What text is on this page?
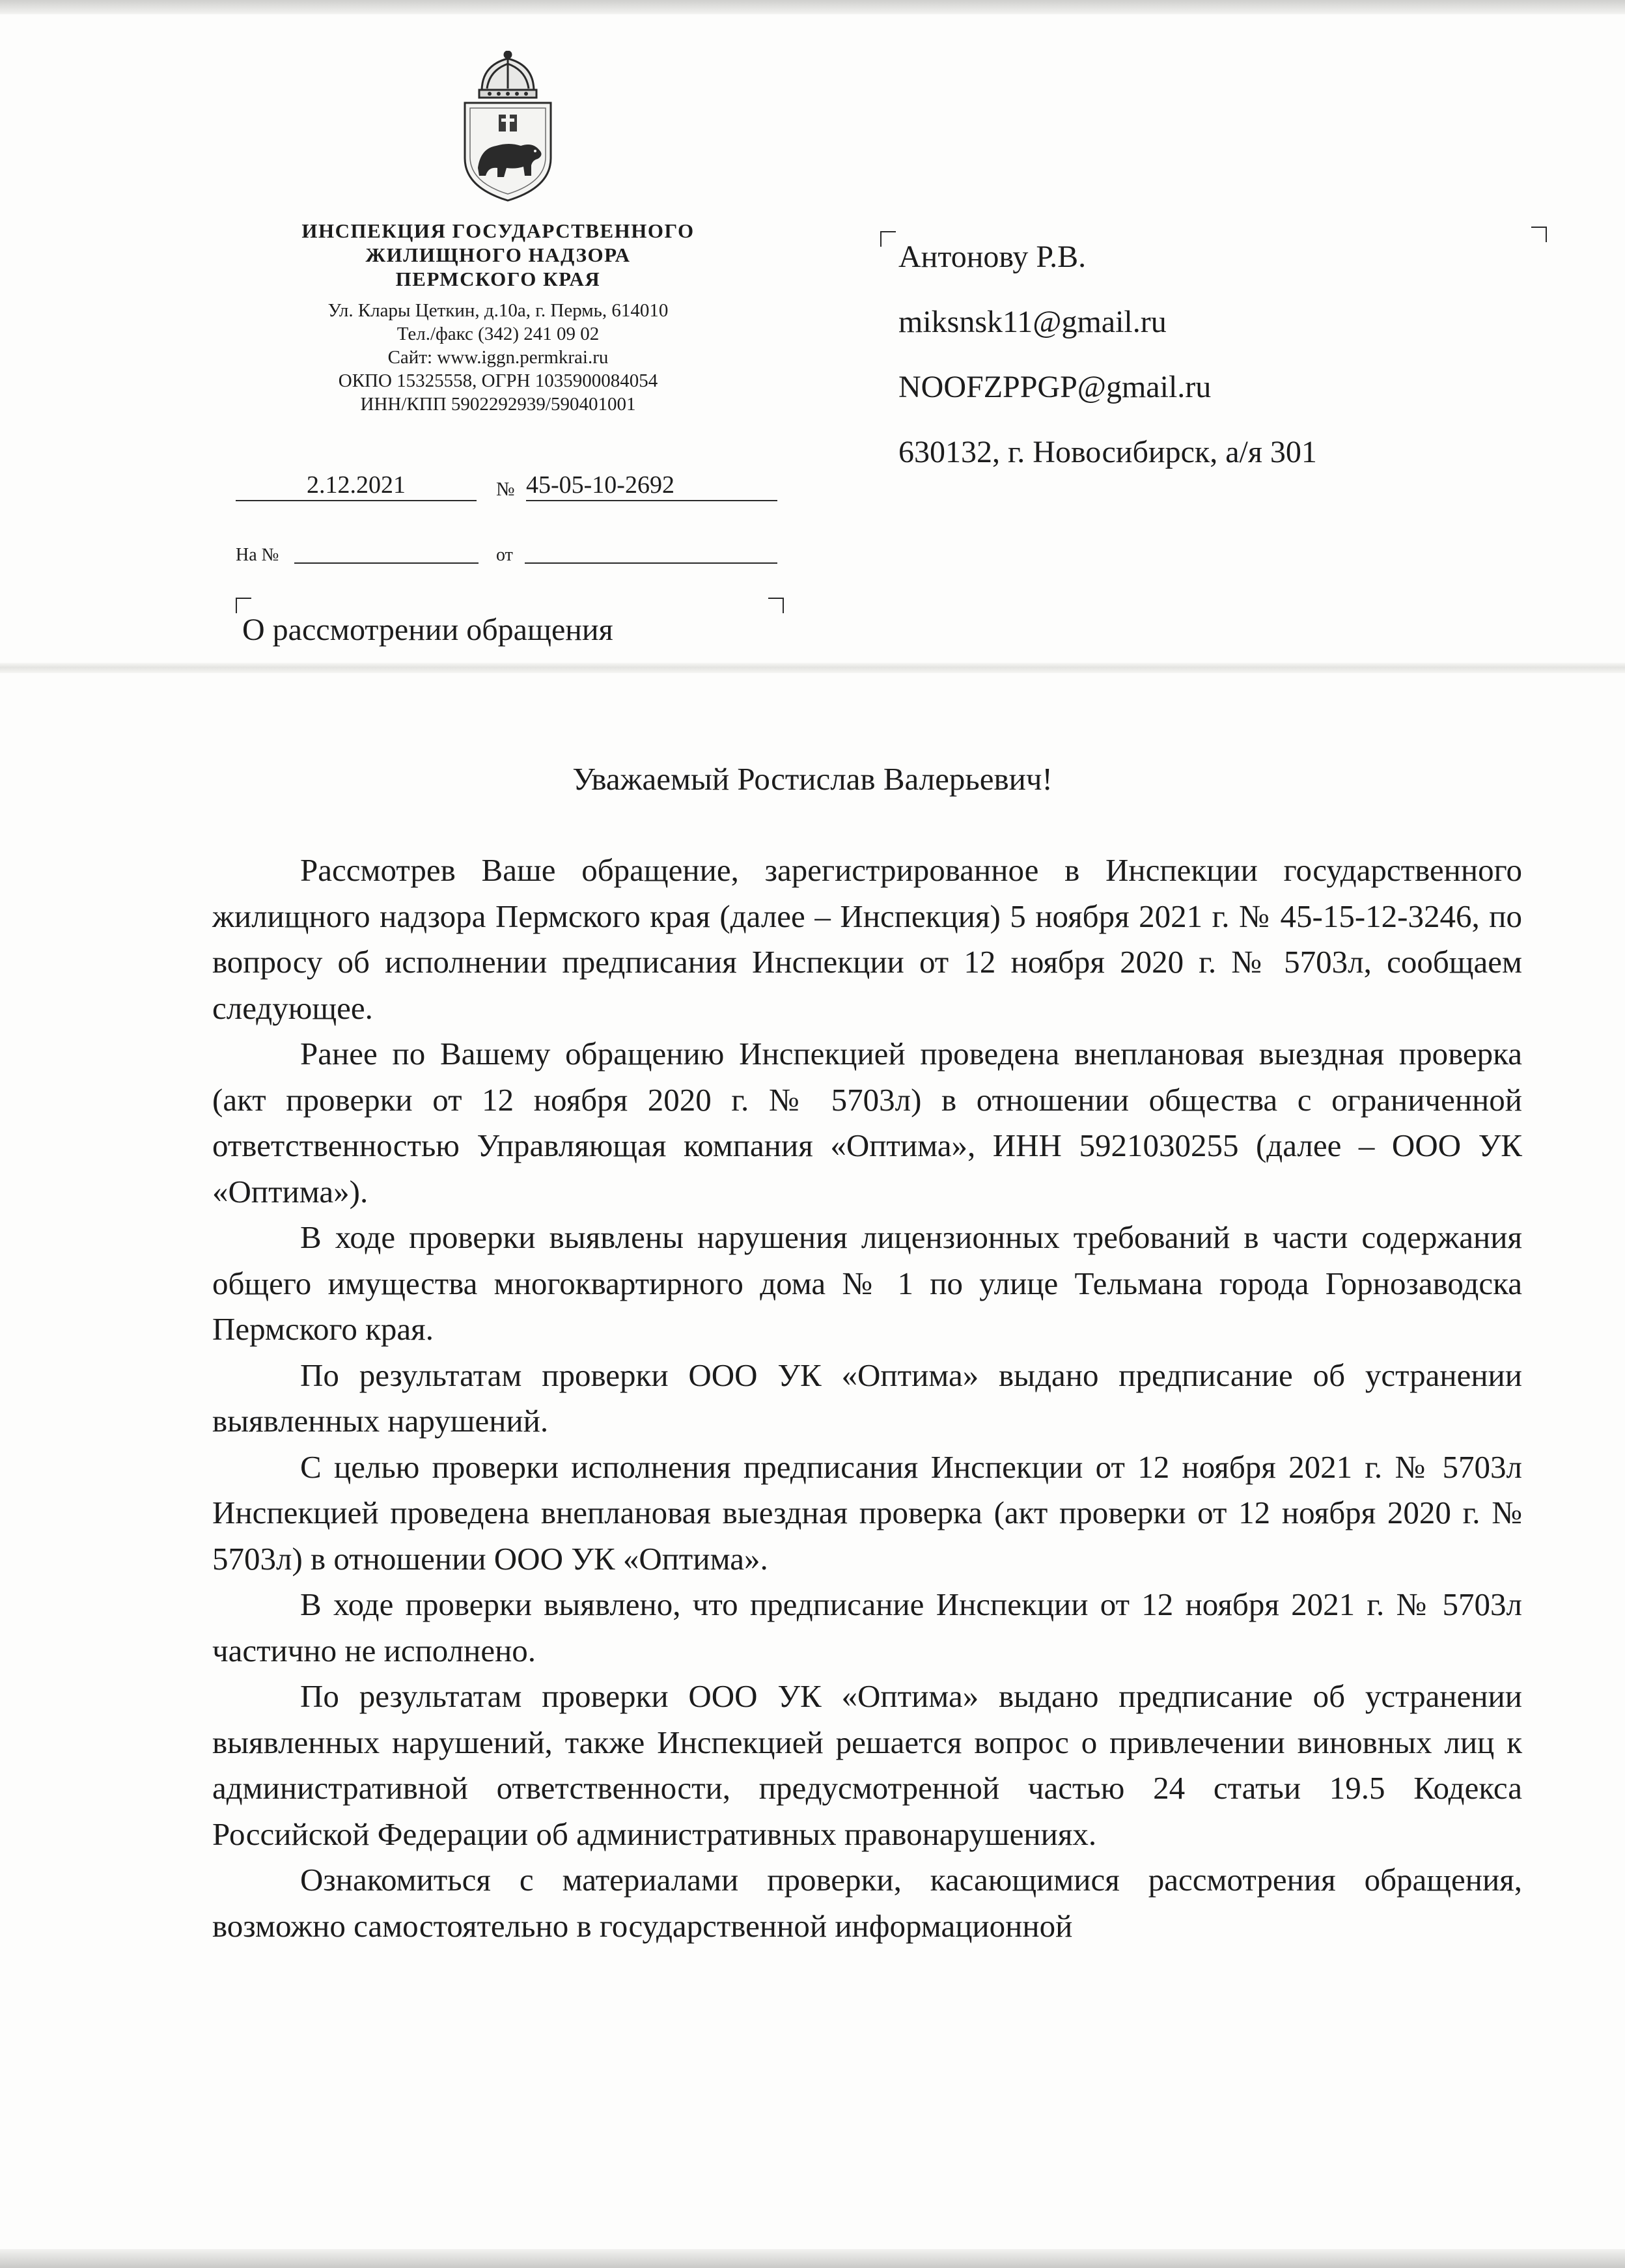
ИНСПЕКЦИЯ ГОСУДАРСТВЕННОГО
ЖИЛИЩНОГО НАДЗОРА
ПЕРМСКОГО КРАЯ
Ул. Клары Цеткин, д.10а, г. Пермь, 614010
Тел./факс (342) 241 09 02
Сайт: www.iggn.permkrai.ru
ОКПО 15325558, ОГРН 1035900084054
ИНН/КПП 5902292939/590401001
2.12.2021	№ 45-05-10-2692
На №	от
О рассмотрении обращения
Антонову Р.В.
miksnsk11@gmail.ru
NOOFZPPGP@gmail.ru
630132, г. Новосибирск, а/я 301
Уважаемый Ростислав Валерьевич!

Рассмотрев Ваше обращение, зарегистрированное в Инспекции государственного жилищного надзора Пермского края (далее – Инспекция) 5 ноября 2021 г. № 45-15-12-3246, по вопросу об исполнении предписания Инспекции от 12 ноября 2020 г. № 5703л, сообщаем следующее.

Ранее по Вашему обращению Инспекцией проведена внеплановая выездная проверка (акт проверки от 12 ноября 2020 г. № 5703л) в отношении общества с ограниченной ответственностью Управляющая компания «Оптима», ИНН 5921030255 (далее – ООО УК «Оптима»).

В ходе проверки выявлены нарушения лицензионных требований в части содержания общего имущества многоквартирного дома № 1 по улице Тельмана города Горнозаводска Пермского края.

По результатам проверки ООО УК «Оптима» выдано предписание об устранении выявленных нарушений.

С целью проверки исполнения предписания Инспекции от 12 ноября 2021 г. № 5703л Инспекцией проведена внеплановая выездная проверка (акт проверки от 12 ноября 2020 г. № 5703л) в отношении ООО УК «Оптима».

В ходе проверки выявлено, что предписание Инспекции от 12 ноября 2021 г. № 5703л частично не исполнено.

По результатам проверки ООО УК «Оптима» выдано предписание об устранении выявленных нарушений, также Инспекцией решается вопрос о привлечении виновных лиц к административной ответственности, предусмотренной частью 24 статьи 19.5 Кодекса Российской Федерации об административных правонарушениях.

Ознакомиться с материалами проверки, касающимися рассмотрения обращения, возможно самостоятельно в государственной информационной
